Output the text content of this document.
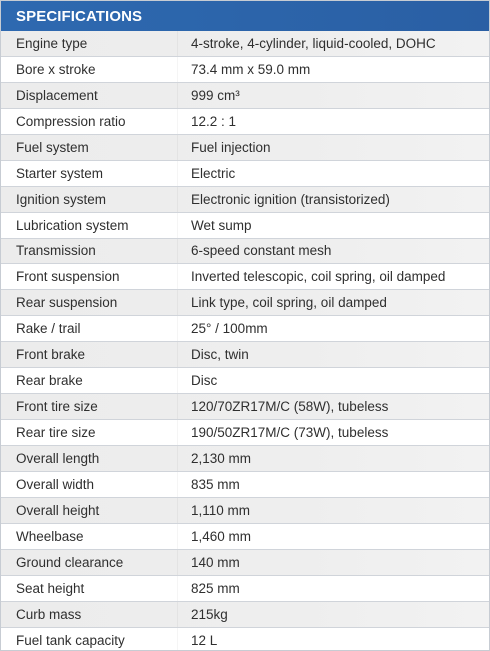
SPECIFICATIONS
Engine type	4-stroke, 4-cylinder, liquid-cooled, DOHC
Bore x stroke	73.4 mm x 59.0 mm
Displacement	999 cm³
Compression ratio	12.2 : 1
Fuel system	Fuel injection
Starter system	Electric
Ignition system	Electronic ignition (transistorized)
Lubrication system	Wet sump
Transmission	6-speed constant mesh
Front suspension	Inverted telescopic, coil spring, oil damped
Rear suspension	Link type, coil spring, oil damped
Rake / trail	25° / 100mm
Front brake	Disc, twin
Rear brake	Disc
Front tire size	120/70ZR17M/C (58W), tubeless
Rear tire size	190/50ZR17M/C (73W), tubeless
Overall length	2,130 mm
Overall width	835 mm
Overall height	1,110 mm
Wheelbase	1,460 mm
Ground clearance	140 mm
Seat height	825 mm
Curb mass	215kg
Fuel tank capacity	12 L
